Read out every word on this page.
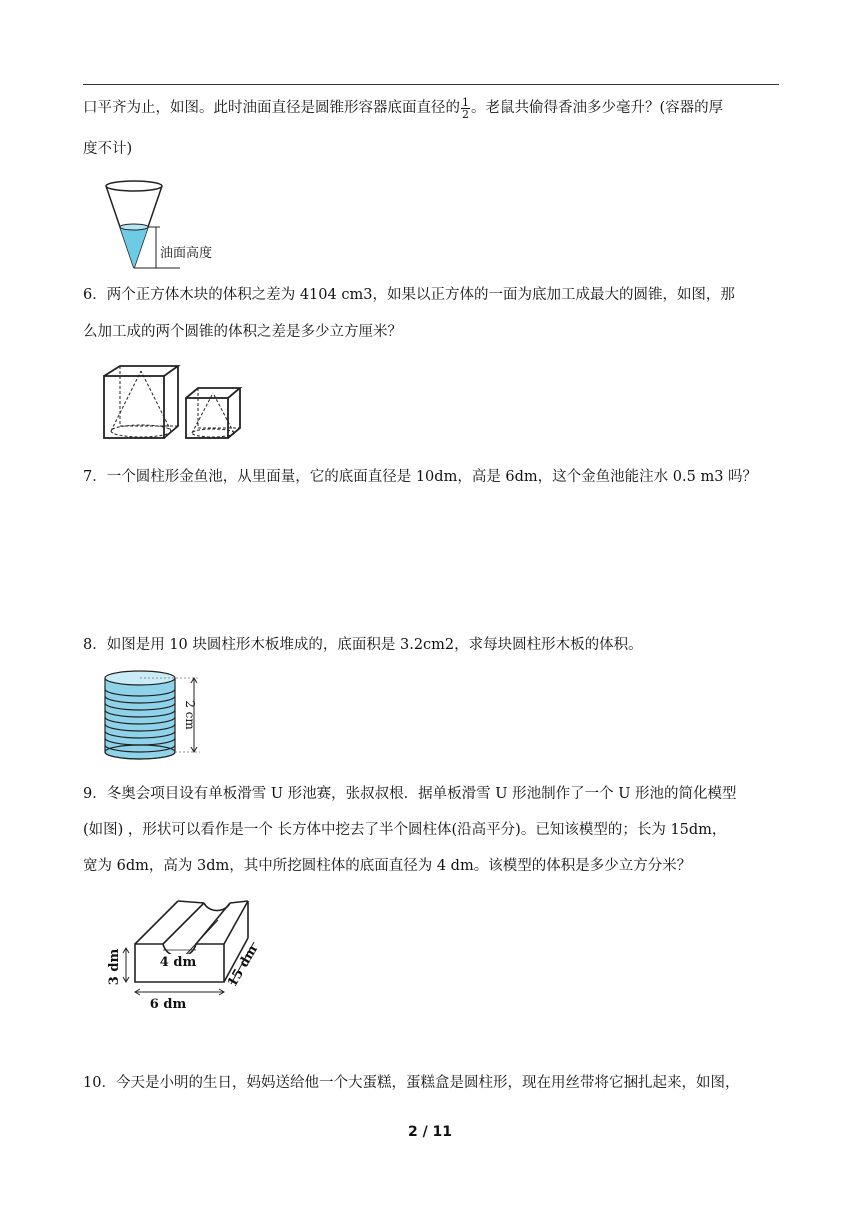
口平齐为止，如图。此时油面直径是圆锥形容器底面直径的 $\frac{1}{2}$ 。老鼠共偷得香油多少毫升？(容器的厚
度不计)
油面高度
6．两个正方体木块的体积之差为 4104 cm3，如果以正方体的一面为底加工成最大的圆锥，如图，那
么加工成的两个圆锥的体积之差是多少立方厘米？
7．一个圆柱形金鱼池，从里面量，它的底面直径是 10dm，高是 6dm，这个金鱼池能注水 0.5 m3 吗？
8．如图是用 10 块圆柱形木板堆成的，底面积是 3.2cm2，求每块圆柱形木板的体积。
2 cm
9．冬奥会项目设有单板滑雪 U 形池赛，张叔叔根．据单板滑雪 U 形池制作了一个 U 形池的简化模型
(如图) ，形状可以看作是一个 长方体中挖去了半个圆柱体(沿高平分)。已知该模型的；长为 15dm，
宽为 6dm，高为 3dm，其中所挖圆柱体的底面直径为 4 dm。该模型的体积是多少立方分米？
4 dm
3 dm
6 dm
15 dm
10．今天是小明的生日，妈妈送给他一个大蛋糕，蛋糕盒是圆柱形，现在用丝带将它捆扎起来，如图，
2 / 11
